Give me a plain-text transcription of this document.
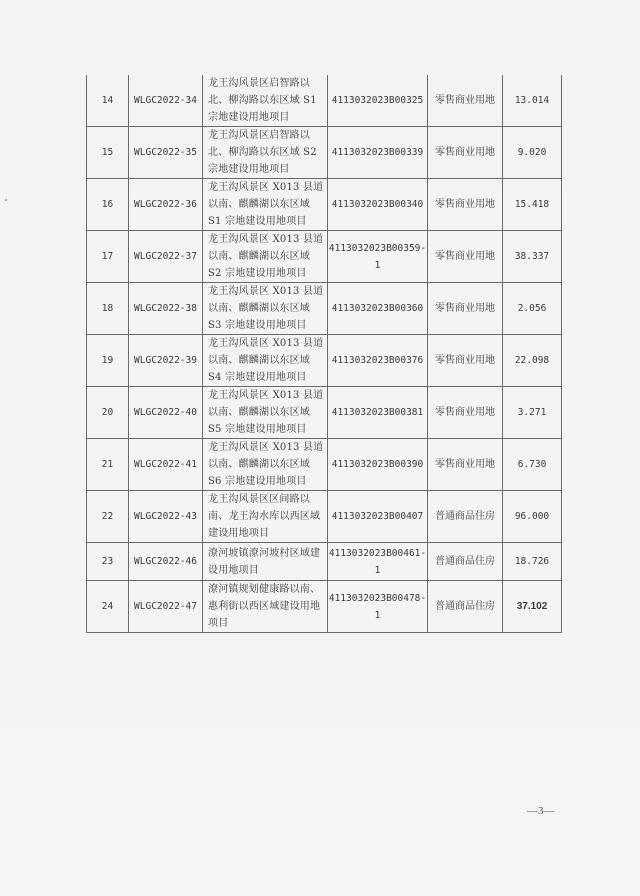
14	WLGC2022-34	龙王沟风景区启智路以北、柳沟路以东区域 S1 宗地建设用地项目	4113032023B00325	零售商业用地	13.014
15	WLGC2022-35	龙王沟风景区启智路以北、柳沟路以东区域 S2 宗地建设用地项目	4113032023B00339	零售商业用地	9.020
16	WLGC2022-36	龙王沟风景区 X013 县道以南、麒麟湖以东区域 S1 宗地建设用地项目	4113032023B00340	零售商业用地	15.418
17	WLGC2022-37	龙王沟风景区 X013 县道以南、麒麟湖以东区域 S2 宗地建设用地项目	4113032023B00359-1	零售商业用地	38.337
18	WLGC2022-38	龙王沟风景区 X013 县道以南、麒麟湖以东区域 S3 宗地建设用地项目	4113032023B00360	零售商业用地	2.056
19	WLGC2022-39	龙王沟风景区 X013 县道以南、麒麟湖以东区域 S4 宗地建设用地项目	4113032023B00376	零售商业用地	22.098
20	WLGC2022-40	龙王沟风景区 X013 县道以南、麒麟湖以东区域 S5 宗地建设用地项目	4113032023B00381	零售商业用地	3.271
21	WLGC2022-41	龙王沟风景区 X013 县道以南、麒麟湖以东区域 S6 宗地建设用地项目	4113032023B00390	零售商业用地	6.730
22	WLGC2022-43	龙王沟风景区区间路以南、龙王沟水库以西区域建设用地项目	4113032023B00407	普通商品住房	96.000
23	WLGC2022-46	潦河坡镇潦河坡村区域建设用地项目	4113032023B00461-1	普通商品住房	18.726
24	WLGC2022-47	潦河镇规划健康路以南、惠利街以西区域建设用地项目	4113032023B00478-1	普通商品住房	37.102
—3—
